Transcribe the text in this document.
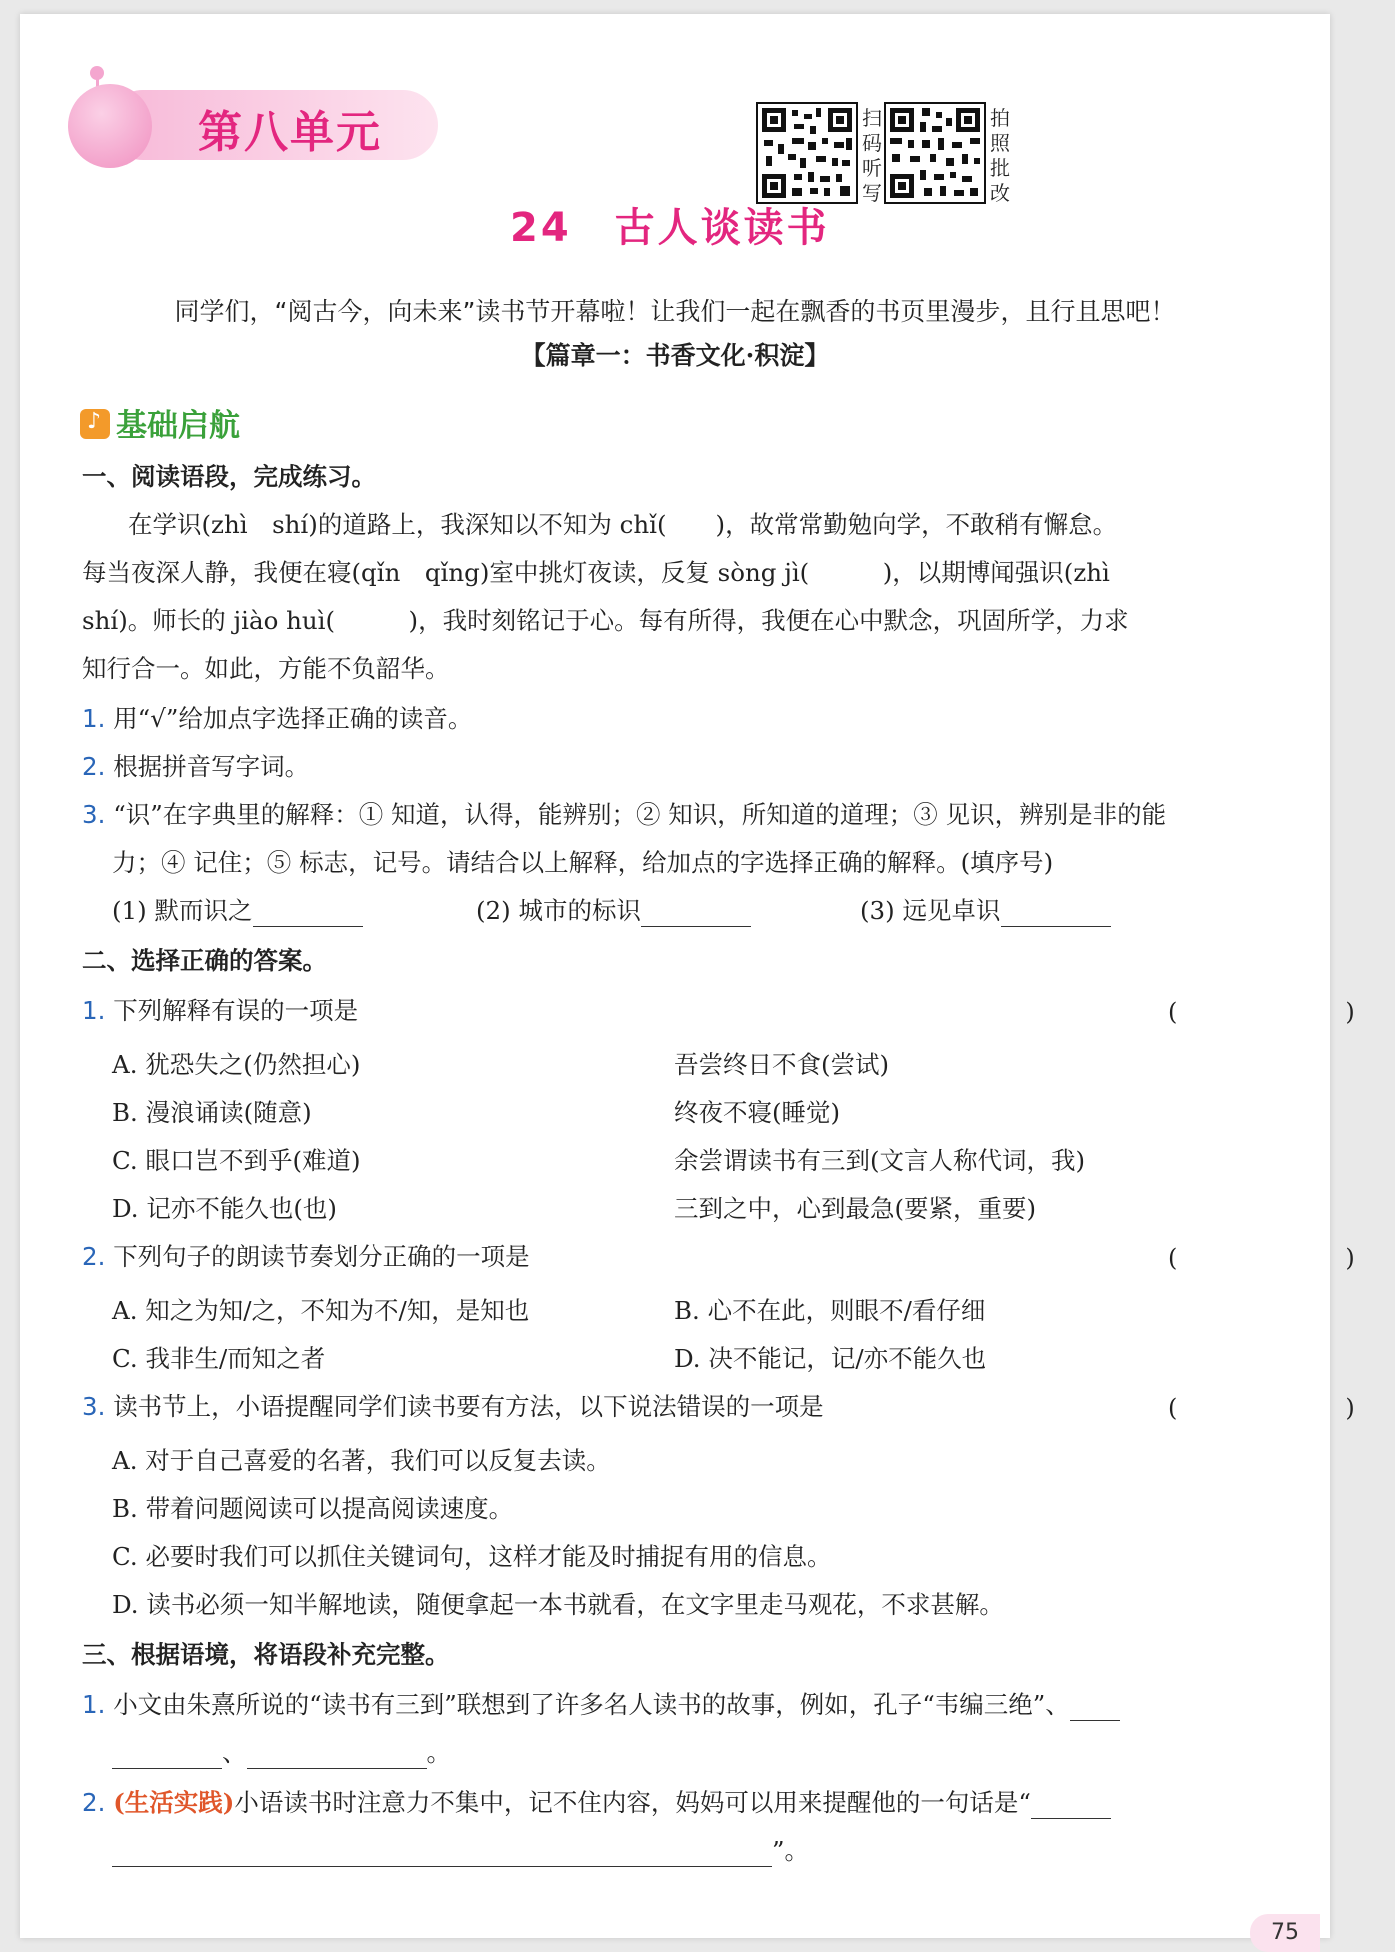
第八单元
24　古人谈读书
扫
码
听
写
拍
照
批
改
同学们，“阅古今，向未来”读书节开幕啦！让我们一起在飘香的书页里漫步，且行且思吧！
【篇章一：书香文化·积淀】
♪基础启航
一、阅读语段，完成练习。
在学识(zhì　shí)的道路上，我深知以不知为 chǐ(　　)，故常常勤勉向学，不敢稍有懈怠。
每当夜深人静，我便在寝(qǐn　qǐng)室中挑灯夜读，反复 sòng jì(　　　)，以期博闻强识(zhì
shí)。师长的 jiào huì(　　　)，我时刻铭记于心。每有所得，我便在心中默念，巩固所学，力求
知行合一。如此，方能不负韶华。
1. 用“√”给加点字选择正确的读音。
2. 根据拼音写字词。
3. “识”在字典里的解释：① 知道，认得，能辨别；② 知识，所知道的道理；③ 见识，辨别是非的能
力；④ 记住；⑤ 标志，记号。请结合以上解释，给加点的字选择正确的解释。(填序号)
(1) 默而识之	(2) 城市的标识	(3) 远见卓识
二、选择正确的答案。
1. 下列解释有误的一项是	(　　)
A. 犹恐失之(仍然担心)	吾尝终日不食(尝试)
B. 漫浪诵读(随意)	终夜不寝(睡觉)
C. 眼口岂不到乎(难道)	余尝谓读书有三到(文言人称代词，我)
D. 记亦不能久也(也)	三到之中，心到最急(要紧，重要)
2. 下列句子的朗读节奏划分正确的一项是	(　　)
A. 知之为知/之，不知为不/知，是知也	B. 心不在此，则眼不/看仔细
C. 我非生/而知之者	D. 决不能记，记/亦不能久也
3. 读书节上，小语提醒同学们读书要有方法，以下说法错误的一项是	(　　)
A. 对于自己喜爱的名著，我们可以反复去读。
B. 带着问题阅读可以提高阅读速度。
C. 必要时我们可以抓住关键词句，这样才能及时捕捉有用的信息。
D. 读书必须一知半解地读，随便拿起一本书就看，在文字里走马观花，不求甚解。
三、根据语境，将语段补充完整。
1. 小文由朱熹所说的“读书有三到”联想到了许多名人读书的故事，例如，孔子“韦编三绝”、
、	。
2. (生活实践)小语读书时注意力不集中，记不住内容，妈妈可以用来提醒他的一句话是“
”。
75
